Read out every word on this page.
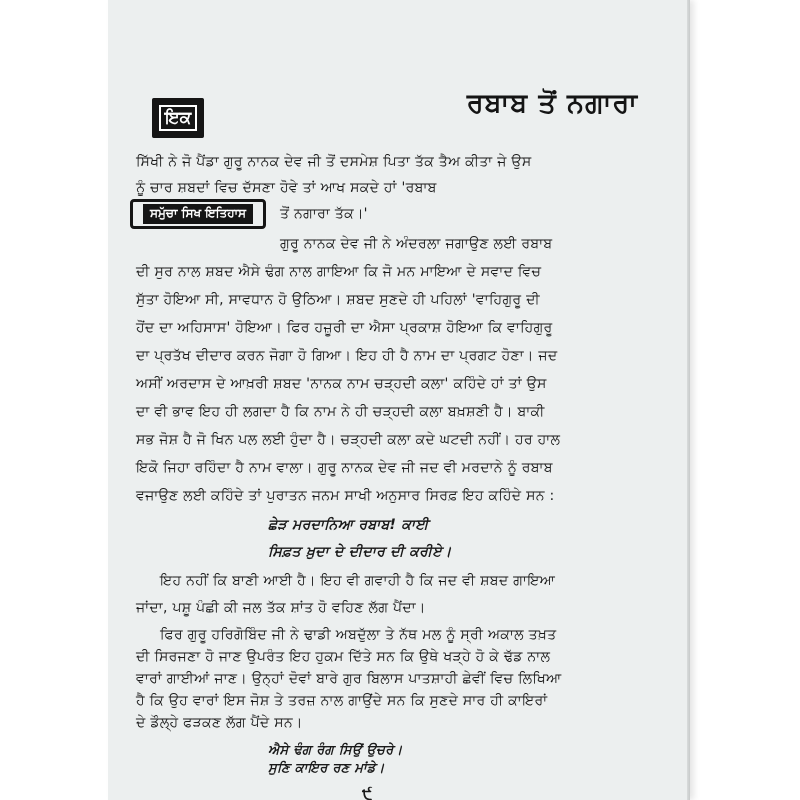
ਇਕ	ਰਬਾਬ ਤੋਂ ਨਗਾਰਾ
ਸਮੁੱਚਾ ਸਿਖ ਇਤਿਹਾਸ
ਸਿੱਖੀ ਨੇ ਜੋ ਪੈਂਡਾ ਗੁਰੂ ਨਾਨਕ ਦੇਵ ਜੀ ਤੋਂ ਦਸਮੇਸ਼ ਪਿਤਾ ਤੱਕ ਤੈਅ ਕੀਤਾ ਜੇ ਉਸ
ਨੂੰ ਚਾਰ ਸ਼ਬਦਾਂ ਵਿਚ ਦੱਸਣਾ ਹੋਵੇ ਤਾਂ ਆਖ ਸਕਦੇ ਹਾਂ 'ਰਬਾਬ
ਤੋਂ ਨਗਾਰਾ ਤੱਕ।'
ਗੁਰੂ ਨਾਨਕ ਦੇਵ ਜੀ ਨੇ ਅੰਦਰਲਾ ਜਗਾਉਣ ਲਈ ਰਬਾਬ
ਦੀ ਸੁਰ ਨਾਲ ਸ਼ਬਦ ਐਸੇ ਢੰਗ ਨਾਲ ਗਾਇਆ ਕਿ ਜੋ ਮਨ ਮਾਇਆ ਦੇ ਸਵਾਦ ਵਿਚ
ਸੁੱਤਾ ਹੋਇਆ ਸੀ, ਸਾਵਧਾਨ ਹੋ ਉਠਿਆ। ਸ਼ਬਦ ਸੁਣਦੇ ਹੀ ਪਹਿਲਾਂ 'ਵਾਹਿਗੁਰੂ ਦੀ
ਹੋਂਦ ਦਾ ਅਹਿਸਾਸ' ਹੋਇਆ। ਫਿਰ ਹਜ਼ੂਰੀ ਦਾ ਐਸਾ ਪ੍ਰਕਾਸ਼ ਹੋਇਆ ਕਿ ਵਾਹਿਗੁਰੂ
ਦਾ ਪ੍ਰਤੱਖ ਦੀਦਾਰ ਕਰਨ ਜੋਗਾ ਹੋ ਗਿਆ। ਇਹ ਹੀ ਹੈ ਨਾਮ ਦਾ ਪ੍ਰਗਟ ਹੋਣਾ। ਜਦ
ਅਸੀਂ ਅਰਦਾਸ ਦੇ ਆਖ਼ਰੀ ਸ਼ਬਦ 'ਨਾਨਕ ਨਾਮ ਚੜ੍ਹਦੀ ਕਲਾ' ਕਹਿੰਦੇ ਹਾਂ ਤਾਂ ਉਸ
ਦਾ ਵੀ ਭਾਵ ਇਹ ਹੀ ਲਗਦਾ ਹੈ ਕਿ ਨਾਮ ਨੇ ਹੀ ਚੜ੍ਹਦੀ ਕਲਾ ਬਖ਼ਸ਼ਣੀ ਹੈ। ਬਾਕੀ
ਸਭ ਜੋਸ਼ ਹੈ ਜੋ ਖਿਨ ਪਲ ਲਈ ਹੁੰਦਾ ਹੈ। ਚੜ੍ਹਦੀ ਕਲਾ ਕਦੇ ਘਟਦੀ ਨਹੀਂ। ਹਰ ਹਾਲ
ਇਕੋ ਜਿਹਾ ਰਹਿੰਦਾ ਹੈ ਨਾਮ ਵਾਲਾ। ਗੁਰੂ ਨਾਨਕ ਦੇਵ ਜੀ ਜਦ ਵੀ ਮਰਦਾਨੇ ਨੂੰ ਰਬਾਬ
ਵਜਾਉਣ ਲਈ ਕਹਿੰਦੇ ਤਾਂ ਪੁਰਾਤਨ ਜਨਮ ਸਾਖੀ ਅਨੁਸਾਰ ਸਿਰਫ਼ ਇਹ ਕਹਿੰਦੇ ਸਨ :
ਛੇੜ ਮਰਦਾਨਿਆ ਰਬਾਬ! ਕਾਈ
ਸਿਫ਼ਤ ਖ਼ੁਦਾ ਦੇ ਦੀਦਾਰ ਦੀ ਕਰੀਏ।
ਇਹ ਨਹੀਂ ਕਿ ਬਾਣੀ ਆਈ ਹੈ। ਇਹ ਵੀ ਗਵਾਹੀ ਹੈ ਕਿ ਜਦ ਵੀ ਸ਼ਬਦ ਗਾਇਆ
ਜਾਂਦਾ, ਪਸ਼ੂ ਪੰਛੀ ਕੀ ਜਲ ਤੱਕ ਸ਼ਾਂਤ ਹੋ ਵਹਿਣ ਲੱਗ ਪੈਂਦਾ।
ਫਿਰ ਗੁਰੂ ਹਰਿਗੋਬਿੰਦ ਜੀ ਨੇ ਢਾਡੀ ਅਬਦੁੱਲਾ ਤੇ ਨੱਥ ਮਲ ਨੂੰ ਸ੍ਰੀ ਅਕਾਲ ਤਖ਼ਤ
ਦੀ ਸਿਰਜਣਾ ਹੋ ਜਾਣ ਉਪਰੰਤ ਇਹ ਹੁਕਮ ਦਿੱਤੇ ਸਨ ਕਿ ਉਥੇ ਖੜ੍ਹੇ ਹੋ ਕੇ ਢੱਡ ਨਾਲ
ਵਾਰਾਂ ਗਾਈਆਂ ਜਾਣ। ਉਨ੍ਹਾਂ ਦੋਵਾਂ ਬਾਰੇ ਗੁਰ ਬਿਲਾਸ ਪਾਤਸ਼ਾਹੀ ਛੇਵੀਂ ਵਿਚ ਲਿਖਿਆ
ਹੈ ਕਿ ਉਹ ਵਾਰਾਂ ਇਸ ਜੋਸ਼ ਤੇ ਤਰਜ਼ ਨਾਲ ਗਾਉਂਦੇ ਸਨ ਕਿ ਸੁਣਦੇ ਸਾਰ ਹੀ ਕਾਇਰਾਂ
ਦੇ ਡੌਲ੍ਹੇ ਫੜਕਣ ਲੱਗ ਪੈਂਦੇ ਸਨ।
੯
ਐਸੇ ਢੰਗ ਰੰਗ ਸਿਉਂ ਉਚਰੇ।
ਸੁਣਿ ਕਾਇਰ ਰਣ ਮਾਂਡੇ।
